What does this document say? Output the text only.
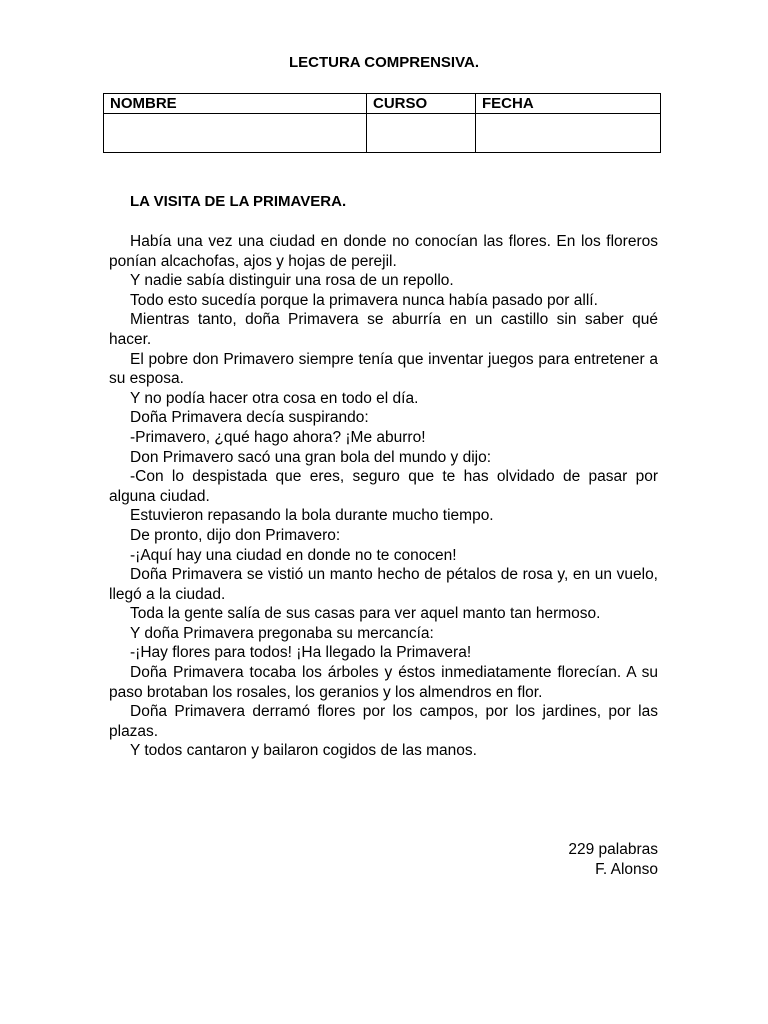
LECTURA COMPRENSIVA.
NOMBRE	CURSO	FECHA

LA VISITA DE LA PRIMAVERA.

Había una vez una ciudad en donde no conocían las flores. En los floreros ponían alcachofas, ajos y hojas de perejil.

Y nadie sabía distinguir una rosa de un repollo.

Todo esto sucedía porque la primavera nunca había pasado por allí.

Mientras tanto, doña Primavera se aburría en un castillo sin saber qué hacer.

El pobre don Primavero siempre tenía que inventar juegos para entretener a su esposa.

Y no podía hacer otra cosa en todo el día.

Doña Primavera decía suspirando:

-Primavero, ¿qué hago ahora? ¡Me aburro!

Don Primavero sacó una gran bola del mundo y dijo:

-Con lo despistada que eres, seguro que te has olvidado de pasar por alguna ciudad.

Estuvieron repasando la bola durante mucho tiempo.

De pronto, dijo don Primavero:

-¡Aquí hay una ciudad en donde no te conocen!

Doña Primavera se vistió un manto hecho de pétalos de rosa y, en un vuelo, llegó a la ciudad.

Toda la gente salía de sus casas para ver aquel manto tan hermoso.

Y doña Primavera pregonaba su mercancía:

-¡Hay flores para todos! ¡Ha llegado la Primavera!

Doña Primavera tocaba los árboles y éstos inmediatamente florecían. A su paso brotaban los rosales, los geranios y los almendros en flor.

Doña Primavera derramó flores por los campos, por los jardines, por las plazas.

Y todos cantaron y bailaron cogidos de las manos.

229 palabras
F. Alonso
